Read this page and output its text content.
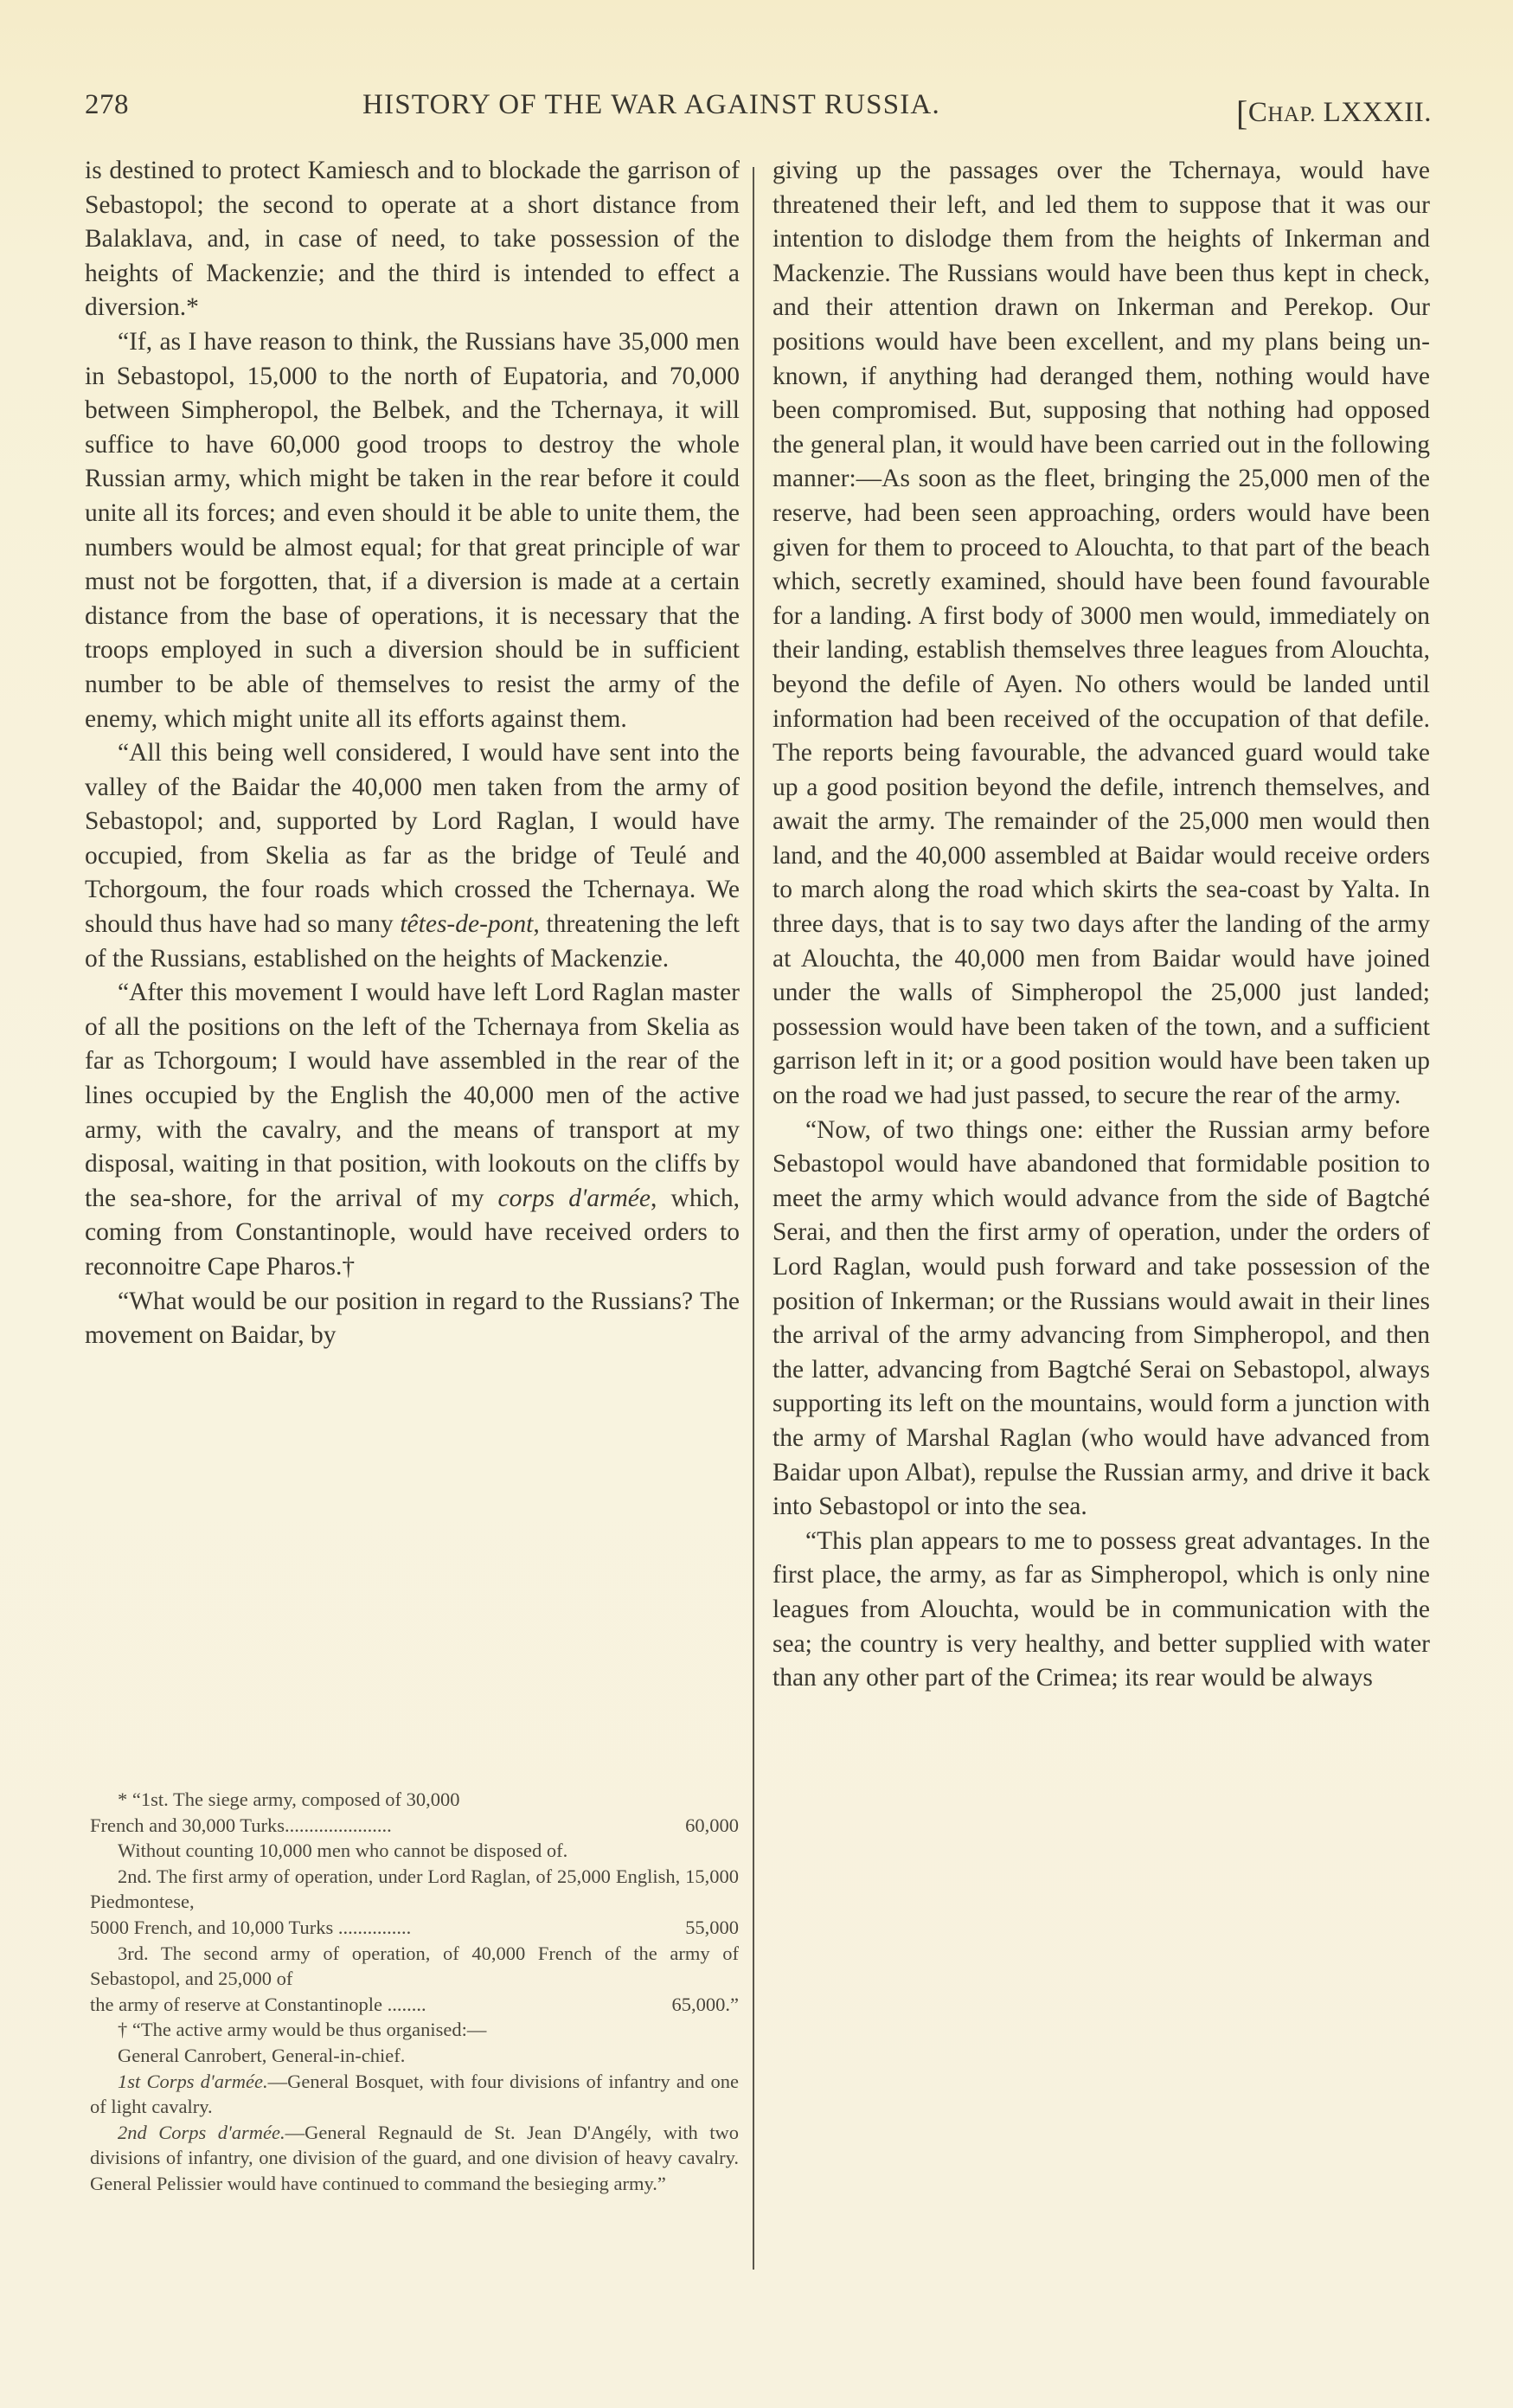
278	HISTORY OF THE WAR AGAINST RUSSIA.	[CHAP. LXXXII.

is destined to protect Kamiesch and to blockade the garrison of Sebastopol; the second to operate at a short distance from Balaklava, and, in case of need, to take possession of the heights of Mackenzie; and the third is intended to effect a diversion.*

“If, as I have reason to think, the Russians have 35,000 men in Sebastopol, 15,000 to the north of Eupatoria, and 70,000 between Simpheropol, the Belbek, and the Tchernaya, it will suffice to have 60,000 good troops to destroy the whole Russian army, which might be taken in the rear before it could unite all its forces; and even should it be able to unite them, the numbers would be almost equal; for that great principle of war must not be forgotten, that, if a diversion is made at a certain distance from the base of operations, it is necessary that the troops employed in such a diversion should be in sufficient number to be able of themselves to resist the army of the enemy, which might unite all its efforts against them.

“All this being well considered, I would have sent into the valley of the Baidar the 40,000 men taken from the army of Sebastopol; and, supported by Lord Raglan, I would have occupied, from Skelia as far as the bridge of Teulé and Tchorgoum, the four roads which crossed the Tchernaya. We should thus have had so many têtes-de-pont, threatening the left of the Russians, established on the heights of Mackenzie.

“After this movement I would have left Lord Raglan master of all the positions on the left of the Tchernaya from Skelia as far as Tchorgoum; I would have assembled in the rear of the lines occupied by the English the 40,000 men of the active army, with the cavalry, and the means of transport at my disposal, waiting in that position, with lookouts on the cliffs by the sea-shore, for the arrival of my corps d'armée, which, coming from Constantinople, would have received orders to reconnoitre Cape Pharos.†

“What would be our position in regard to the Russians? The movement on Baidar, by

* “1st. The siege army, composed of 30,000

French and 30,000 Turks......................	60,000

Without counting 10,000 men who cannot be disposed of.

2nd. The first army of operation, under Lord Raglan, of 25,000 English, 15,000 Piedmontese,

5000 French, and 10,000 Turks ...............	55,000

3rd. The second army of operation, of 40,000 French of the army of Sebastopol, and 25,000 of

the army of reserve at Constantinople ........	65,000.”

† “The active army would be thus organised:—

General Canrobert, General-in-chief.

1st Corps d'armée.—General Bosquet, with four divisions of infantry and one of light cavalry.

2nd Corps d'armée.—General Regnauld de St. Jean D'Angély, with two divisions of infantry, one division of the guard, and one division of heavy cavalry. General Pelissier would have continued to command the besieging army.”

giving up the passages over the Tchernaya, would have threatened their left, and led them to suppose that it was our intention to dislodge them from the heights of Inkerman and Mackenzie. The Russians would have been thus kept in check, and their attention drawn on Inkerman and Perekop. Our positions would have been excellent, and my plans being unknown, if anything had deranged them, nothing would have been compromised. But, supposing that nothing had opposed the general plan, it would have been carried out in the following manner:—As soon as the fleet, bringing the 25,000 men of the reserve, had been seen approaching, orders would have been given for them to proceed to Alouchta, to that part of the beach which, secretly examined, should have been found favourable for a landing. A first body of 3000 men would, immediately on their landing, establish themselves three leagues from Alouchta, beyond the defile of Ayen. No others would be landed until information had been received of the occupation of that defile. The reports being favourable, the advanced guard would take up a good position beyond the defile, intrench themselves, and await the army. The remainder of the 25,000 men would then land, and the 40,000 assembled at Baidar would receive orders to march along the road which skirts the sea-coast by Yalta. In three days, that is to say two days after the landing of the army at Alouchta, the 40,000 men from Baidar would have joined under the walls of Simpheropol the 25,000 just landed; possession would have been taken of the town, and a sufficient garrison left in it; or a good position would have been taken up on the road we had just passed, to secure the rear of the army.

“Now, of two things one: either the Russian army before Sebastopol would have abandoned that formidable position to meet the army which would advance from the side of Bagtché Serai, and then the first army of operation, under the orders of Lord Raglan, would push forward and take possession of the position of Inkerman; or the Russians would await in their lines the arrival of the army advancing from Simpheropol, and then the latter, advancing from Bagtché Serai on Sebastopol, always supporting its left on the mountains, would form a junction with the army of Marshal Raglan (who would have advanced from Baidar upon Albat), repulse the Russian army, and drive it back into Sebastopol or into the sea.

“This plan appears to me to possess great advantages. In the first place, the army, as far as Simpheropol, which is only nine leagues from Alouchta, would be in communication with the sea; the country is very healthy, and better supplied with water than any other part of the Crimea; its rear would be always
